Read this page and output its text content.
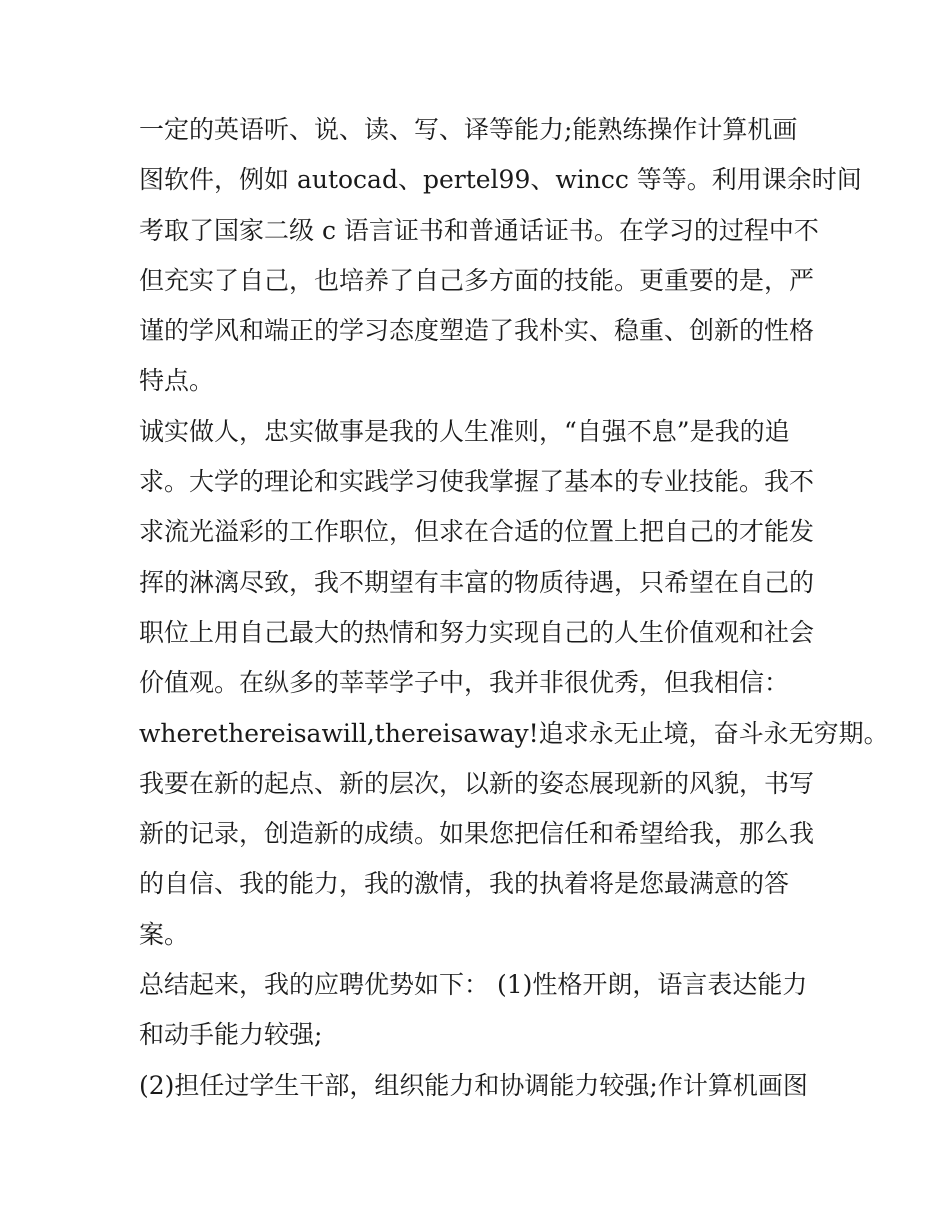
一定的英语听、说、读、写、译等能力;能熟练操作计算机画
图软件，例如 autocad、pertel99、wincc 等等。利用课余时间
考取了国家二级 c 语言证书和普通话证书。在学习的过程中不
但充实了自己，也培养了自己多方面的技能。更重要的是，严
谨的学风和端正的学习态度塑造了我朴实、稳重、创新的性格
特点。
诚实做人，忠实做事是我的人生准则，“自强不息”是我的追
求。大学的理论和实践学习使我掌握了基本的专业技能。我不
求流光溢彩的工作职位，但求在合适的位置上把自己的才能发
挥的淋漓尽致，我不期望有丰富的物质待遇，只希望在自己的
职位上用自己最大的热情和努力实现自己的人生价值观和社会
价值观。在纵多的莘莘学子中，我并非很优秀，但我相信：
wherethereisawill,thereisaway!追求永无止境，奋斗永无穷期。
我要在新的起点、新的层次，以新的姿态展现新的风貌，书写
新的记录，创造新的成绩。如果您把信任和希望给我，那么我
的自信、我的能力，我的激情，我的执着将是您最满意的答
案。
总结起来，我的应聘优势如下： (1)性格开朗，语言表达能力
和动手能力较强;
(2)担任过学生干部，组织能力和协调能力较强;作计算机画图
